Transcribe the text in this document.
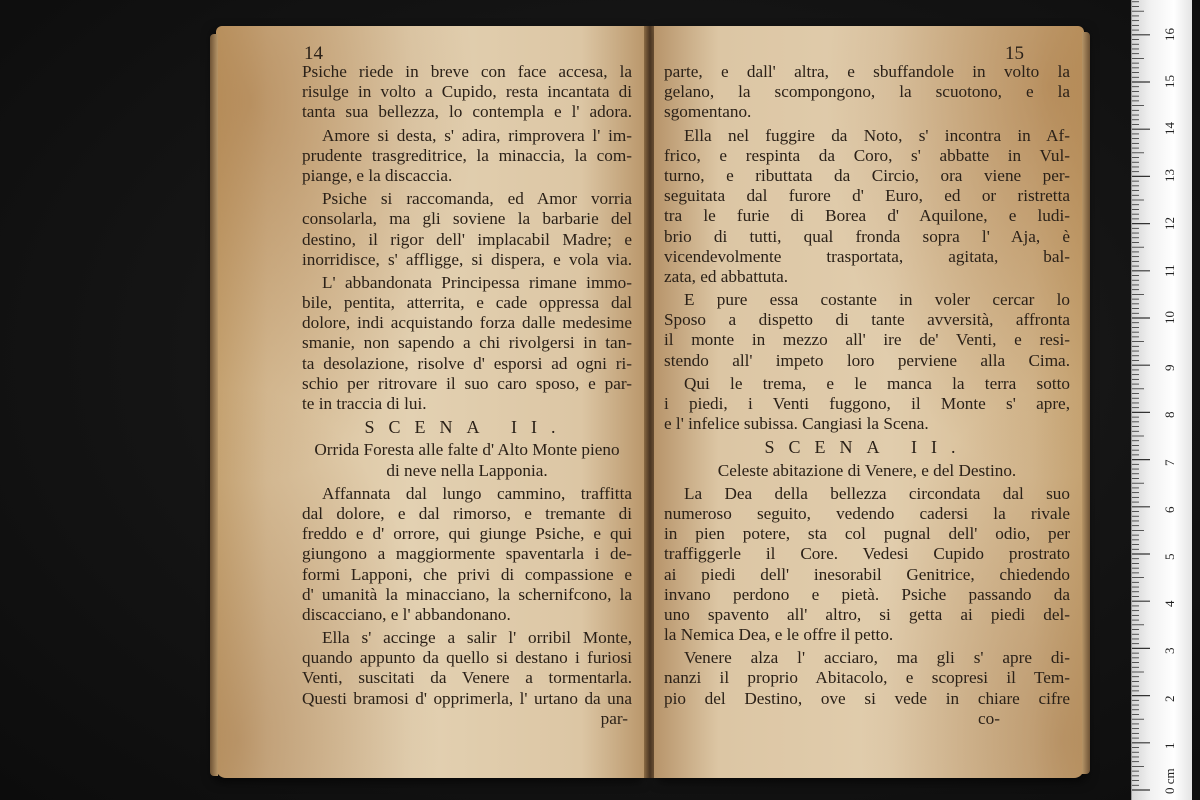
14
Psiche riede in breve con face accesa, la
risulge in volto a Cupido, resta incantata di
tanta sua bellezza, lo contempla e l' adora.
Amore si desta, s' adira, rimprovera l' im-
prudente trasgreditrice, la minaccia, la com-
piange, e la discaccia.
Psiche si raccomanda, ed Amor vorria
consolarla, ma gli soviene la barbarie del
destino, il rigor dell' implacabil Madre; e
inorridisce, s' affligge, si dispera, e vola via.
L' abbandonata Principessa rimane immo-
bile, pentita, atterrita, e cade oppressa dal
dolore, indi acquistando forza dalle medesime
smanie, non sapendo a chi rivolgersi in tan-
ta desolazione, risolve d' esporsi ad ogni ri-
schio per ritrovare il suo caro sposo, e par-
te in traccia di lui.
SCENA II.
Orrida Foresta alle falte d' Alto Monte pieno
di neve nella Lapponia.
Affannata dal lungo cammino, traffitta
dal dolore, e dal rimorso, e tremante di
freddo e d' orrore, qui giunge Psiche, e qui
giungono a maggiormente spaventarla i de-
formi Lapponi, che privi di compassione e
d' umanità la minacciano, la schernifcono, la
discacciano, e l' abbandonano.
Ella s' accinge a salir l' orribil Monte,
quando appunto da quello si destano i furiosi
Venti, suscitati da Venere a tormentarla.
Questi bramosi d' opprimerla, l' urtano da una
par-
15
parte, e dall' altra, e sbuffandole in volto la
gelano, la scompongono, la scuotono, e la
sgomentano.
Ella nel fuggire da Noto, s' incontra in Af-
frico, e respinta da Coro, s' abbatte in Vul-
turno, e ributtata da Circio, ora viene per-
seguitata dal furore d' Euro, ed or ristretta
tra le furie di Borea d' Aquilone, e ludi-
brio di tutti, qual fronda sopra l' Aja, è
vicendevolmente trasportata, agitata, bal-
zata, ed abbattuta.
E pure essa costante in voler cercar lo
Sposo a dispetto di tante avversità, affronta
il monte in mezzo all' ire de' Venti, e resi-
stendo all' impeto loro perviene alla Cima.
Qui le trema, e le manca la terra sotto
i piedi, i Venti fuggono, il Monte s' apre,
e l' infelice subissa. Cangiasi la Scena.
SCENA II.
Celeste abitazione di Venere, e del Destino.
La Dea della bellezza circondata dal suo
numeroso seguito, vedendo cadersi la rivale
in pien potere, sta col pugnal dell' odio, per
traffiggerle il Core. Vedesi Cupido prostrato
ai piedi dell' inesorabil Genitrice, chiedendo
invano perdono e pietà. Psiche passando da
uno spavento all' altro, si getta ai piedi del-
la Nemica Dea, e le offre il petto.
Venere alza l' acciaro, ma gli s' apre di-
nanzi il proprio Abitacolo, e scopresi il Tem-
pio del Destino, ove si vede in chiare cifre
co-
0 cm
1
2
3
4
5
6
7
8
9
10
11
12
13
14
15
16
